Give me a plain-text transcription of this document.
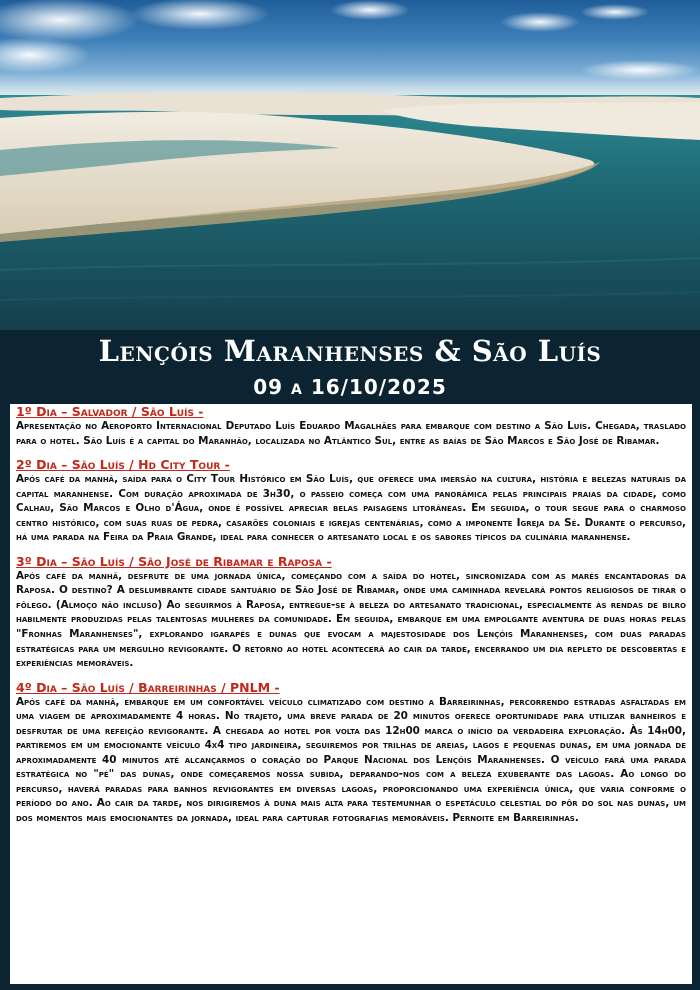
Lençóis Maranhenses & São Luís
09 a 16/10/2025

1º Dia – Salvador / São Luís -

Apresentação no Aeroporto Internacional Deputado Luís Eduardo Magalhães para embarque com destino a São Luís. Chegada, traslado para o hotel. São Luís é a capital do Maranhão, localizada no Atlântico Sul, entre as baías de São Marcos e São José de Ribamar.

2º Dia – São Luís / Hd City Tour -

Após café da manhã, saída para o City Tour Histórico em São Luís, que oferece uma imersão na cultura, história e belezas naturais da capital maranhense. Com duração aproximada de 3h30, o passeio começa com uma panorâmica pelas principais praias da cidade, como Calhau, São Marcos e Olho d'Água, onde é possível apreciar belas paisagens litorâneas. Em seguida, o tour segue para o charmoso centro histórico, com suas ruas de pedra, casarões coloniais e igrejas centenárias, como a imponente Igreja da Sé. Durante o percurso, há uma parada na Feira da Praia Grande, ideal para conhecer o artesanato local e os sabores típicos da culinária maranhense.

3º Dia – São Luís / São José de Ribamar e Raposa -

Após café da manhã, desfrute de uma jornada única, começando com a saída do hotel, sincronizada com as marés encantadoras da Raposa. O destino? A deslumbrante cidade santuário de São José de Ribamar, onde uma caminhada revelará pontos religiosos de tirar o fôlego. (Almoço não incluso) Ao seguirmos à Raposa, entregue-se à beleza do artesanato tradicional, especialmente às rendas de bilro habilmente produzidas pelas talentosas mulheres da comunidade. Em seguida, embarque em uma empolgante aventura de duas horas pelas "Fronhas Maranhenses", explorando igarapés e dunas que evocam a majestosidade dos Lençóis Maranhenses, com duas paradas estratégicas para um mergulho revigorante. O retorno ao hotel acontecerá ao cair da tarde, encerrando um dia repleto de descobertas e experiências memoráveis.

4º Dia – São Luís / Barreirinhas / PNLM -

Após café da manhã, embarque em um confortável veículo climatizado com destino a Barreirinhas, percorrendo estradas asfaltadas em uma viagem de aproximadamente 4 horas. No trajeto, uma breve parada de 20 minutos oferece oportunidade para utilizar banheiros e desfrutar de uma refeição revigorante. A chegada ao hotel por volta das 12h00 marca o início da verdadeira exploração. Às 14h00, partiremos em um emocionante veículo 4x4 tipo jardineira, seguiremos por trilhas de areias, lagos e pequenas dunas, em uma jornada de aproximadamente 40 minutos até alcançarmos o coração do Parque Nacional dos Lençóis Maranhenses. O veículo fará uma parada estratégica no "pé" das dunas, onde começaremos nossa subida, deparando-nos com a beleza exuberante das lagoas. Ao longo do percurso, haverá paradas para banhos revigorantes em diversas lagoas, proporcionando uma experiência única, que varia conforme o período do ano. Ao cair da tarde, nos dirigiremos à duna mais alta para testemunhar o espetáculo celestial do pôr do sol nas dunas, um dos momentos mais emocionantes da jornada, ideal para capturar fotografias memoráveis. Pernoite em Barreirinhas.
